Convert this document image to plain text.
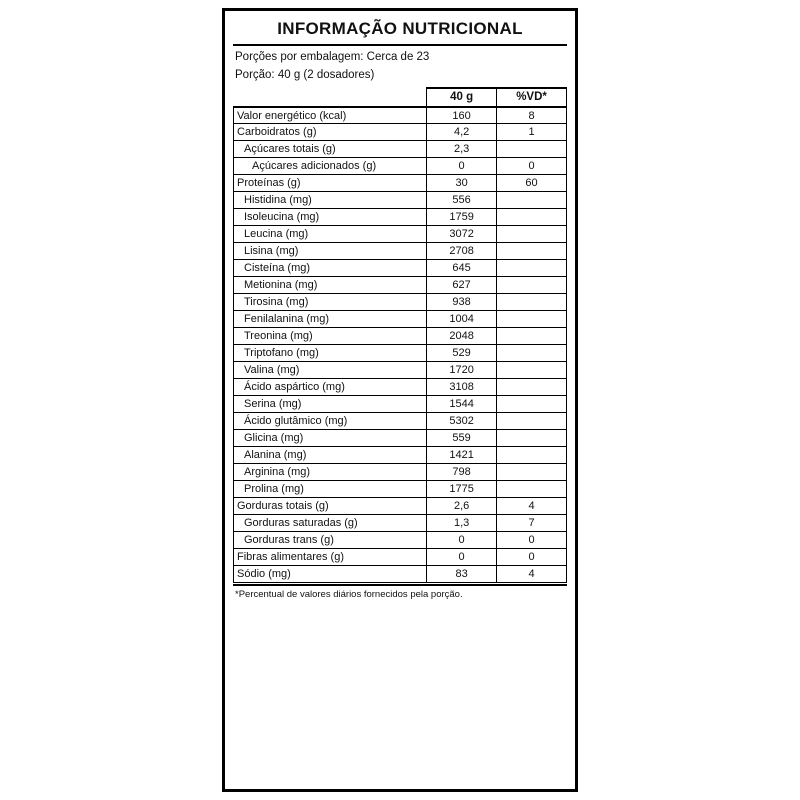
INFORMAÇÃO NUTRICIONAL
Porções por embalagem: Cerca de 23
Porção: 40 g (2 dosadores)
	40 g	%VD*
Valor energético (kcal)	160	8
Carboidratos (g)	4,2	1
Açúcares totais (g)	2,3	
Açúcares adicionados (g)	0	0
Proteínas (g)	30	60
Histidina (mg)	556	
Isoleucina (mg)	1759	
Leucina (mg)	3072	
Lisina (mg)	2708	
Cisteína (mg)	645	
Metionina (mg)	627	
Tirosina (mg)	938	
Fenilalanina (mg)	1004	
Treonina (mg)	2048	
Triptofano (mg)	529	
Valina (mg)	1720	
Ácido aspártico (mg)	3108	
Serina (mg)	1544	
Ácido glutâmico (mg)	5302	
Glicina (mg)	559	
Alanina (mg)	1421	
Arginina (mg)	798	
Prolina (mg)	1775	
Gorduras totais (g)	2,6	4
Gorduras saturadas (g)	1,3	7
Gorduras trans (g)	0	0
Fibras alimentares (g)	0	0
Sódio (mg)	83	4
*Percentual de valores diários fornecidos pela porção.
